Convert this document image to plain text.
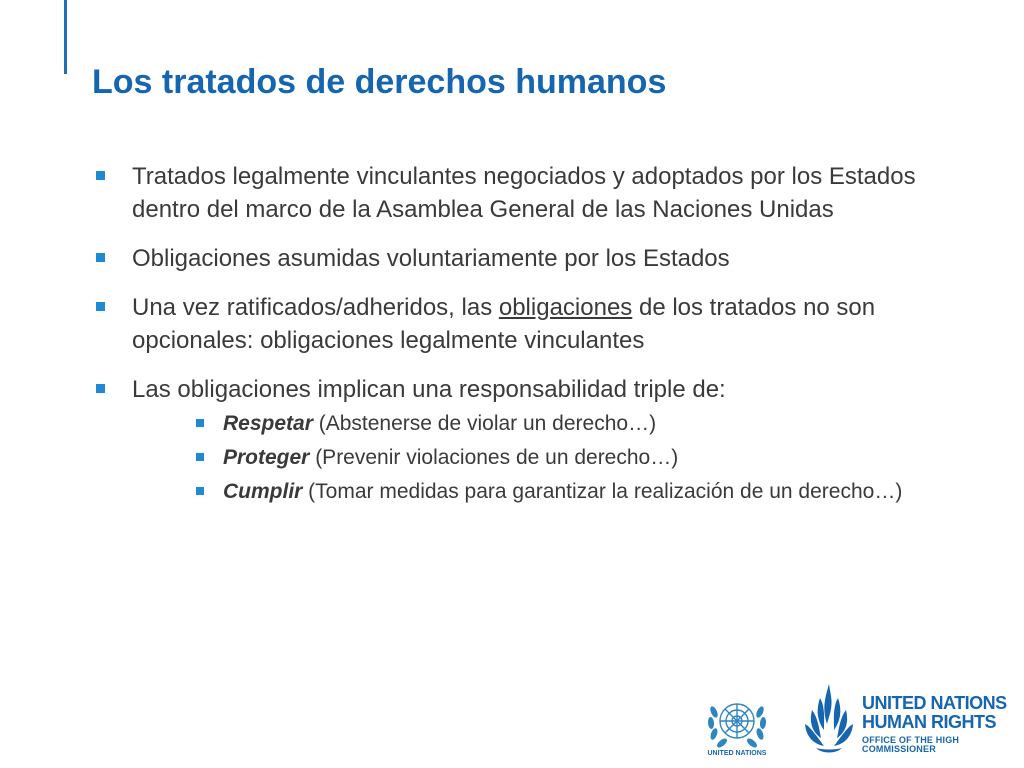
Los tratados de derechos humanos
Tratados legalmente vinculantes negociados y adoptados por los Estados dentro del marco de la Asamblea General de las Naciones Unidas
Obligaciones asumidas voluntariamente por los Estados
Una vez ratificados/adheridos, las obligaciones de los tratados no son opcionales: obligaciones legalmente vinculantes
Las obligaciones implican una responsabilidad triple de:
Respetar (Abstenerse de violar un derecho…)
Proteger (Prevenir violaciones de un derecho…)
Cumplir (Tomar medidas para garantizar la realización de un derecho…)
UNITED NATIONS
UNITED NATIONS
HUMAN RIGHTS
OFFICE OF THE HIGH COMMISSIONER
